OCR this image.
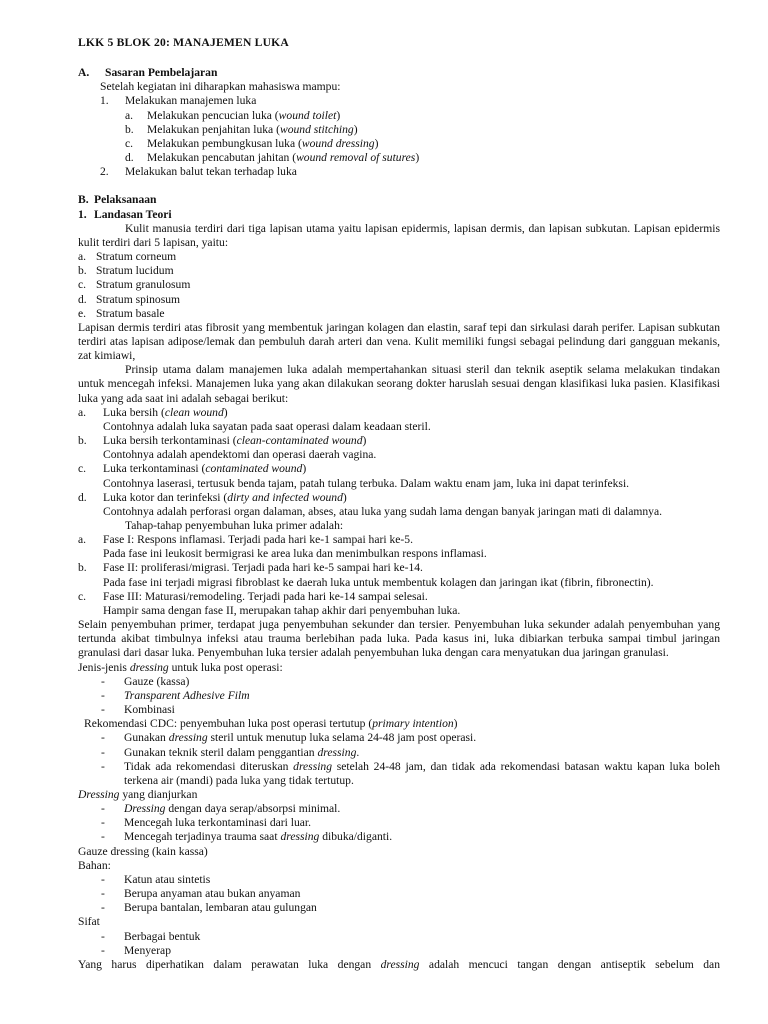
LKK 5 BLOK 20: MANAJEMEN LUKA

A. Sasaran Pembelajaran

Setelah kegiatan ini diharapkan mahasiswa mampu:

1.	Melakukan manajemen luka
a.	Melakukan pencucian luka (wound toilet)
b.	Melakukan penjahitan luka (wound stitching)
c.	Melakukan pembungkusan luka (wound dressing)
d.	Melakukan pencabutan jahitan (wound removal of sutures)
2.	Melakukan balut tekan terhadap luka

B. Pelaksanaan

1. Landasan Teori

Kulit manusia terdiri dari tiga lapisan utama yaitu lapisan epidermis, lapisan dermis, dan lapisan subkutan. Lapisan epidermis kulit terdiri dari 5 lapisan, yaitu:

a. Stratum corneum
b. Stratum lucidum
c. Stratum granulosum
d. Stratum spinosum
e. Stratum basale

Lapisan dermis terdiri atas fibrosit yang membentuk jaringan kolagen dan elastin, saraf tepi dan sirkulasi darah perifer. Lapisan subkutan terdiri atas lapisan adipose/lemak dan pembuluh darah arteri dan vena. Kulit memiliki fungsi sebagai pelindung dari gangguan mekanis, zat kimiawi,

Prinsip utama dalam manajemen luka adalah mempertahankan situasi steril dan teknik aseptik selama melakukan tindakan untuk mencegah infeksi. Manajemen luka yang akan dilakukan seorang dokter haruslah sesuai dengan klasifikasi luka pasien. Klasifikasi luka yang ada saat ini adalah sebagai berikut:

a.	Luka bersih (clean wound)

Contohnya adalah luka sayatan pada saat operasi dalam keadaan steril.

b.	Luka bersih terkontaminasi (clean-contaminated wound)

Contohnya adalah apendektomi dan operasi daerah vagina.

c.	Luka terkontaminasi (contaminated wound)

Contohnya laserasi, tertusuk benda tajam, patah tulang terbuka. Dalam waktu enam jam, luka ini dapat terinfeksi.

d.	Luka kotor dan terinfeksi (dirty and infected wound)

Contohnya adalah perforasi organ dalaman, abses, atau luka yang sudah lama dengan banyak jaringan mati di dalamnya.

Tahap-tahap penyembuhan luka primer adalah:

a.	Fase I: Respons inflamasi. Terjadi pada hari ke-1 sampai hari ke-5.

Pada fase ini leukosit bermigrasi ke area luka dan menimbulkan respons inflamasi.

b.	Fase II: proliferasi/migrasi. Terjadi pada hari ke-5 sampai hari ke-14.

Pada fase ini terjadi migrasi fibroblast ke daerah luka untuk membentuk kolagen dan jaringan ikat (fibrin, fibronectin).

c.	Fase III: Maturasi/remodeling. Terjadi pada hari ke-14 sampai selesai.

Hampir sama dengan fase II, merupakan tahap akhir dari penyembuhan luka.

Selain penyembuhan primer, terdapat juga penyembuhan sekunder dan tersier. Penyembuhan luka sekunder adalah penyembuhan yang tertunda akibat timbulnya infeksi atau trauma berlebihan pada luka. Pada kasus ini, luka dibiarkan terbuka sampai timbul jaringan granulasi dari dasar luka. Penyembuhan luka tersier adalah penyembuhan luka dengan cara menyatukan dua jaringan granulasi.

Jenis-jenis dressing untuk luka post operasi:

-	Gauze (kassa)
-	Transparent Adhesive Film
-	Kombinasi

Rekomendasi CDC: penyembuhan luka post operasi tertutup (primary intention)

-	Gunakan dressing steril untuk menutup luka selama 24-48 jam post operasi.
-	Gunakan teknik steril dalam penggantian dressing.
-	Tidak ada rekomendasi diteruskan dressing setelah 24-48 jam, dan tidak ada rekomendasi batasan waktu kapan luka boleh terkena air (mandi) pada luka yang tidak tertutup.

Dressing yang dianjurkan

-	Dressing dengan daya serap/absorpsi minimal.
-	Mencegah luka terkontaminasi dari luar.
-	Mencegah terjadinya trauma saat dressing dibuka/diganti.

Gauze dressing (kain kassa)

Bahan:

-	Katun atau sintetis
-	Berupa anyaman atau bukan anyaman
-	Berupa bantalan, lembaran atau gulungan

Sifat

-	Berbagai bentuk
-	Menyerap

Yang harus diperhatikan dalam perawatan luka dengan dressing adalah mencuci tangan dengan antiseptik sebelum dan
